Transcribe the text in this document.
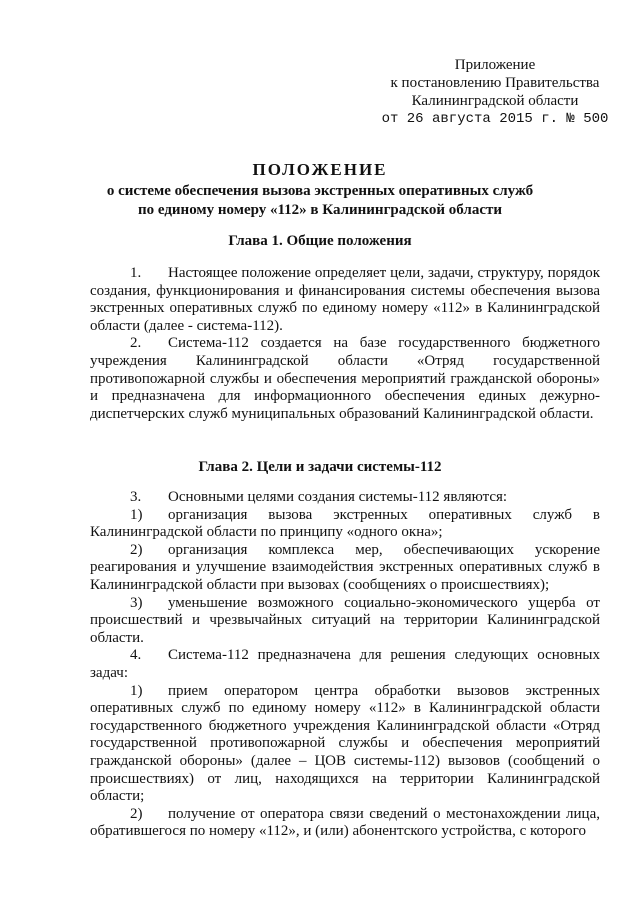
Приложение
к постановлению Правительства
Калининградской области
от 26 августа 2015 г. № 500
ПОЛОЖЕНИЕ
о системе обеспечения вызова экстренных оперативных служб
по единому номеру «112» в Калининградской области
Глава 1. Общие положения

1. Настоящее положение определяет цели, задачи, структуру, порядок создания, функционирования и финансирования системы обеспечения вызова экстренных оперативных служб по единому номеру «112» в Калининградской области (далее - система-112).

2. Система-112 создается на базе государственного бюджетного учреждения Калининградской области «Отряд государственной противопожарной службы и обеспечения мероприятий гражданской обороны» и предназначена для информационного обеспечения единых дежурно-диспетчерских служб муниципальных образований Калининградской области.

Глава 2. Цели и задачи системы-112

3. Основными целями создания системы-112 являются:

1) организация вызова экстренных оперативных служб в Калининградской области по принципу «одного окна»;

2) организация комплекса мер, обеспечивающих ускорение реагирования и улучшение взаимодействия экстренных оперативных служб в Калининградской области при вызовах (сообщениях о происшествиях);

3) уменьшение возможного социально-экономического ущерба от происшествий и чрезвычайных ситуаций на территории Калининградской области.

4. Система-112 предназначена для решения следующих основных задач:

1) прием оператором центра обработки вызовов экстренных оперативных служб по единому номеру «112» в Калининградской области государственного бюджетного учреждения Калининградской области «Отряд государственной противопожарной службы и обеспечения мероприятий гражданской обороны» (далее – ЦОВ системы-112) вызовов (сообщений о происшествиях) от лиц, находящихся на территории Калининградской области;

2) получение от оператора связи сведений о местонахождении лица, обратившегося по номеру «112», и (или) абонентского устройства, с которого
